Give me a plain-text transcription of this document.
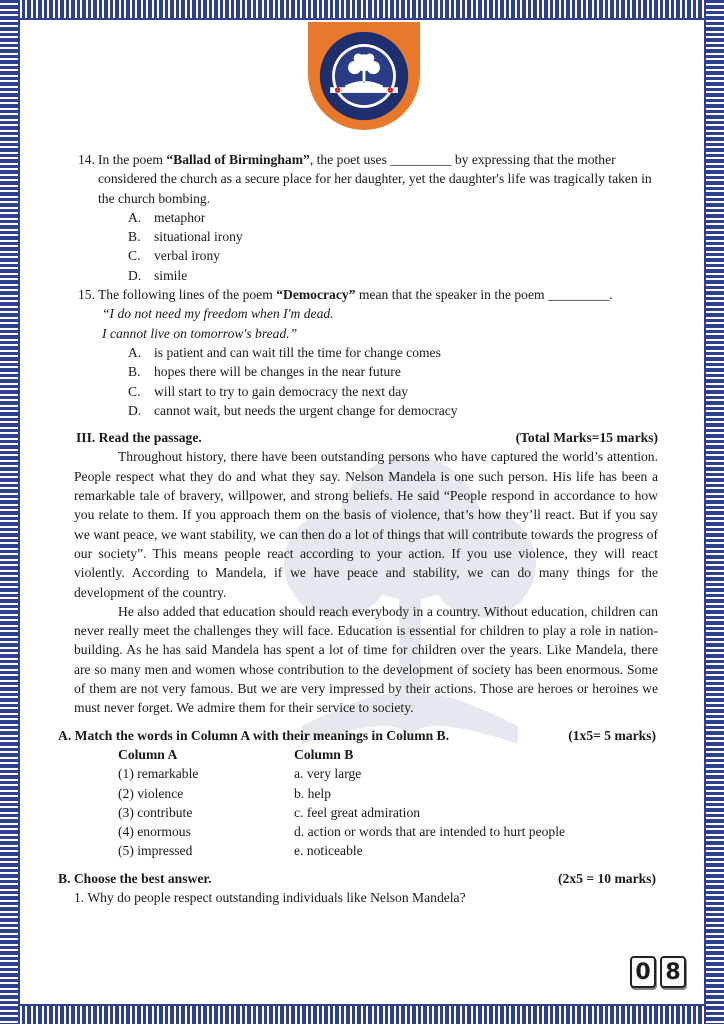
14. In the poem “Ballad of Birmingham”, the poet uses _________ by expressing that the mother considered the church as a secure place for her daughter, yet the daughter's life was tragically taken in the church bombing.

A. metaphor
B. situational irony
C. verbal irony
D. simile

15. The following lines of the poem “Democracy” mean that the speaker in the poem _________.

“I do not need my freedom when I'm dead.

I cannot live on tomorrow's bread.”

A. is patient and can wait till the time for change comes
B. hopes there will be changes in the near future
C. will start to try to gain democracy the next day
D. cannot wait, but needs the urgent change for democracy
III. Read the passage.	(Total Marks=15 marks)

Throughout history, there have been outstanding persons who have captured the world’s attention. People respect what they do and what they say. Nelson Mandela is one such person. His life has been a remarkable tale of bravery, willpower, and strong beliefs. He said “People respond in accordance to how you relate to them. If you approach them on the basis of violence, that’s how they’ll react. But if you say we want peace, we want stability, we can then do a lot of things that will contribute towards the progress of our society”. This means people react according to your action. If you use violence, they will react violently. According to Mandela, if we have peace and stability, we can do many things for the development of the country.

He also added that education should reach everybody in a country. Without education, children can never really meet the challenges they will face. Education is essential for children to play a role in nation-building. As he has said Mandela has spent a lot of time for children over the years. Like Mandela, there are so many men and women whose contribution to the development of society has been enormous. Some of them are not very famous. But we are very impressed by their actions. Those are heroes or heroines we must never forget. We admire them for their service to society.

A. Match the words in Column A with their meanings in Column B.	(1x5= 5 marks)
Column A	Column B
(1) remarkable	a. very large
(2) violence	b. help
(3) contribute	c. feel great admiration
(4) enormous	d. action or words that are intended to hurt people
(5) impressed	e. noticeable
B. Choose the best answer.	(2x5 = 10 marks)

1. Why do people respect outstanding individuals like Nelson Mandela?

0 8
